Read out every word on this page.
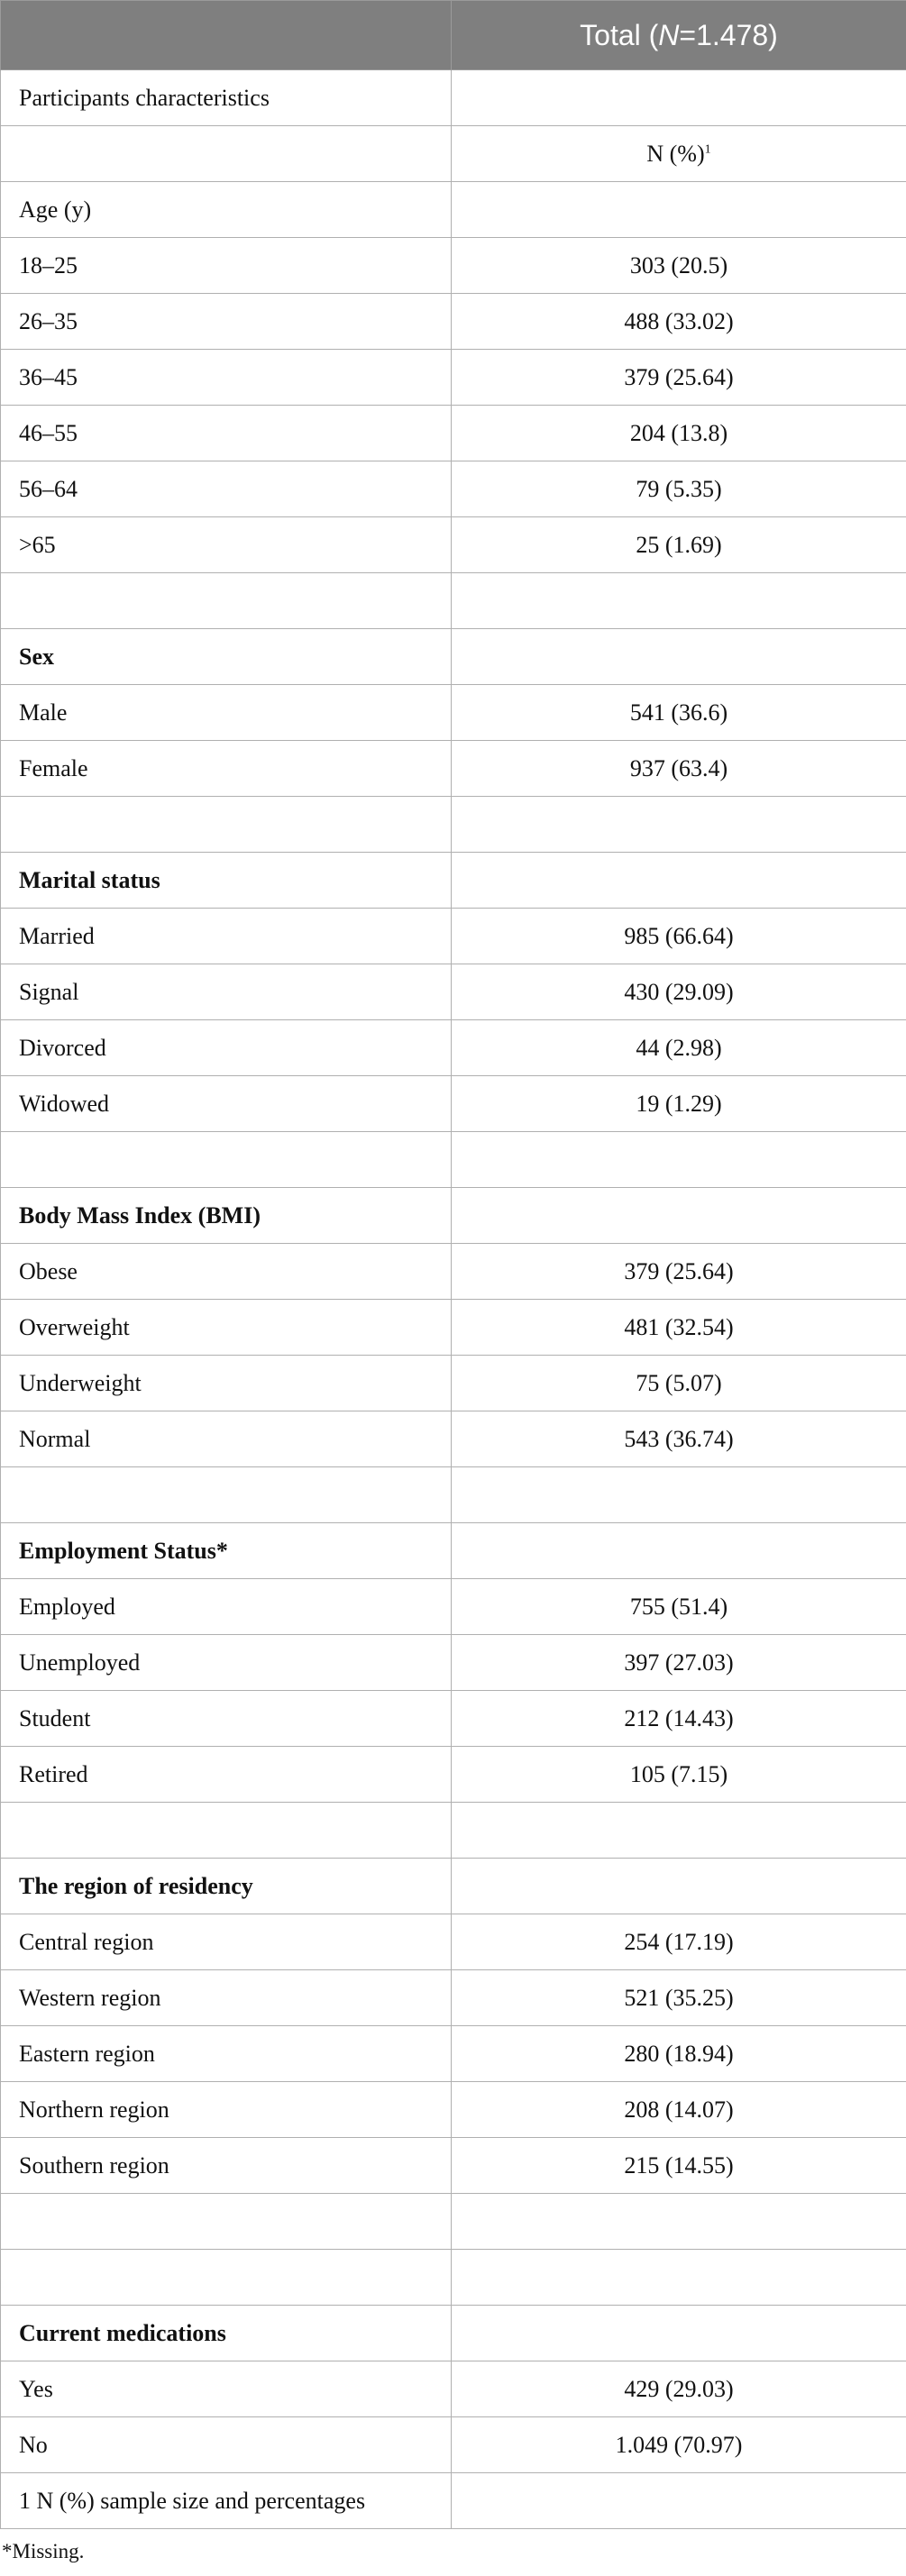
	Total (N=1.478)
Participants characteristics	
	N (%)$^1$
Age (y)	
18–25	303 (20.5)
26–35	488 (33.02)
36–45	379 (25.64)
46–55	204 (13.8)
56–64	79 (5.35)
>65	25 (1.69)

Sex	
Male	541 (36.6)
Female	937 (63.4)

Marital status	
Married	985 (66.64)
Signal	430 (29.09)
Divorced	44 (2.98)
Widowed	19 (1.29)

Body Mass Index (BMI)	
Obese	379 (25.64)
Overweight	481 (32.54)
Underweight	75 (5.07)
Normal	543 (36.74)

Employment Status*	
Employed	755 (51.4)
Unemployed	397 (27.03)
Student	212 (14.43)
Retired	105 (7.15)

The region of residency	
Central region	254 (17.19)
Western region	521 (35.25)
Eastern region	280 (18.94)
Northern region	208 (14.07)
Southern region	215 (14.55)

Current medications	
Yes	429 (29.03)
No	1.049 (70.97)
1 N (%) sample size and percentages	
*Missing.
